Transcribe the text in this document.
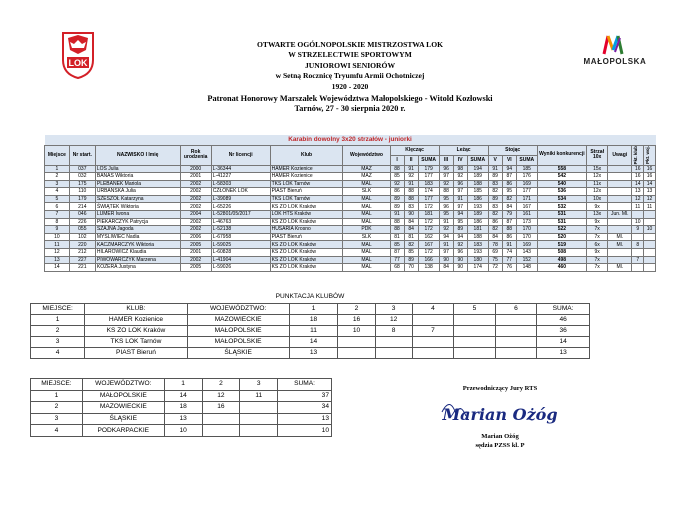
LOK	MAŁOPOLSKA
OTWARTE OGÓLNOPOLSKIE MISTRZOSTWA LOK
W STRZELECTWIE SPORTOWYM
JUNIOROWI SENIORÓW
w Setną Rocznicę Tryumfu Armii Ochotniczej
1920 - 2020
Patronat Honorowy Marszałek Województwa Małopolskiego - Witold Kozłowski
Tarnów, 27 - 30 sierpnia 2020 r.
Karabin dowolny 3x20 strzałów - juniorki																				
Miejsce	Nr start.	NAZWISKO I Imię	Rok urodzenia	Nr licencji	Klub	Województwo	Klęcząc			Leżąc			Stojąc			Wyniki konkurencji	Strzał 10x	Uwagi	Pkt. klub	Pkt. woj.

							I	II	SUMA	III	IV	SUMA	V	VI	SUMA					
1	037	LOS Julia	2000	L-36344	HAMER Kozienice	MAZ	88	91	179	96	98	194	91	94	185	558	15x		16	16
2	032	BANAŚ Wiktoria	2001	L-41227	HAMER Kozienice	MAZ	85	92	177	97	92	189	89	87	176	542	12x		16	16
3	175	PLEBANEK Mariola	2002	L-58303	TKS LOK Tarnów	MAL	92	91	183	92	96	188	83	86	169	540	11x		14	14
4	110	URBAŃSKA Julia	2002	CZŁONEK LOK	PIAST Bieruń	SLK	86	88	174	88	97	185	82	95	177	536	12x		13	13
5	179	SZESZOŁ Katarzyna	2002	L-39089	TKS LOK Tarnów	MAL	89	88	177	95	91	186	89	82	171	534	10x		12	12
6	214	ŚWIĄTEK Wiktoria	2002	L-65226	KS ZO LOK Kraków	MAL	89	83	172	96	97	193	83	84	167	532	9x		11	11
7	046	LUMER Iwona	2004	L-52801/05/2017	LOK HTS Kraków	MAL	91	90	181	95	94	189	82	79	161	531	13x	Jun. Ml.		
8	226	PIEKARCZYK Patrycja	2002	L-46763	KS ZO LOK Kraków	MAL	88	84	172	91	95	186	86	87	173	531	9x		10	
9	055	SZAJNA Jagoda	2002	L-52138	HUSARIA Krosno	PDK	88	84	172	92	89	181	82	88	170	522	7x		9	10
10	102	MYŚLIWIEC Nadia	2006	L-67958	PIAST Bieruń	SLK	81	81	162	94	94	188	84	86	170	520	7x	Ml.		
11	220	KACZMARCZYK Wiktoria	2005	L-59025	KS ZO LOK Kraków	MAL	85	82	167	91	92	183	78	91	169	519	6x	Ml.	8	
12	212	HILAROWICZ Klaudia	2001	L-60828	KS ZO LOK Kraków	MAL	87	85	172	97	96	193	69	74	143	508	9x			
13	227	PIWOWARCZYK Marzena	2002	L-41904	KS ZO LOK Kraków	MAL	77	89	166	90	90	180	75	77	152	498	7x		7	
14	221	KOZERA Justyna	2005	L-59026	KS ZO LOK Kraków	MAL	68	70	138	84	90	174	72	76	148	460	7x	Ml.		
PUNKTACJA KLUBÓW									
MIEJSCE:	KLUB:	WOJEWÓDZTWO:	1	2	3	4	5	6	SUMA:
1	HAMER Kozienice	MAZOWIECKIE	18	16	12				46
2	KS ZO LOK Kraków	MAŁOPOLSKIE	11	10	8	7			36
3	TKS LOK Tarnów	MAŁOPOLSKIE	14						14
4	PIAST Bieruń	ŚLĄSKIE	13						13
MIEJSCE:	WOJEWÓDZTWO:	1	2	3	SUMA:
1	MAŁOPOLSKIE	14	12	11	37
2	MAZOWIECKIE	18	16		34
3	ŚLĄSKIE	13			13
4	PODKARPACKIE	10			10
Przewodniczący Jury RTS
Marian Ożóg
Marian Ożóg
sędzia PZSS kl. P
